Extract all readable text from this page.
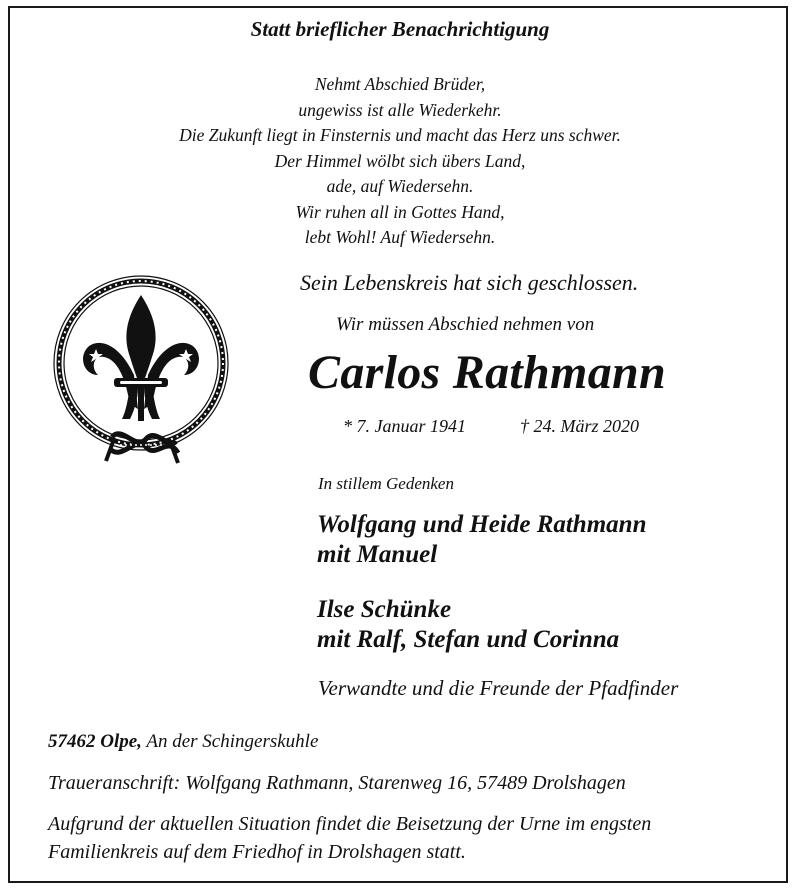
Statt brieflicher Benachrichtigung
Nehmt Abschied Brüder,
ungewiss ist alle Wiederkehr.
Die Zukunft liegt in Finsternis und macht das Herz uns schwer.
Der Himmel wölbt sich übers Land,
ade, auf Wiedersehn.
Wir ruhen all in Gottes Hand,
lebt Wohl! Auf Wiedersehn.
Sein Lebenskreis hat sich geschlossen.
Wir müssen Abschied nehmen von
Carlos Rathmann
* 7. Januar 1941	† 24. März 2020
In stillem Gedenken
Wolfgang und Heide Rathmann
mit Manuel
Ilse Schünke
mit Ralf, Stefan und Corinna
Verwandte und die Freunde der Pfadfinder
57462 Olpe, An der Schingerskuhle
Traueranschrift: Wolfgang Rathmann, Starenweg 16, 57489 Drolshagen
Aufgrund der aktuellen Situation findet die Beisetzung der Urne im engsten
Familienkreis auf dem Friedhof in Drolshagen statt.
